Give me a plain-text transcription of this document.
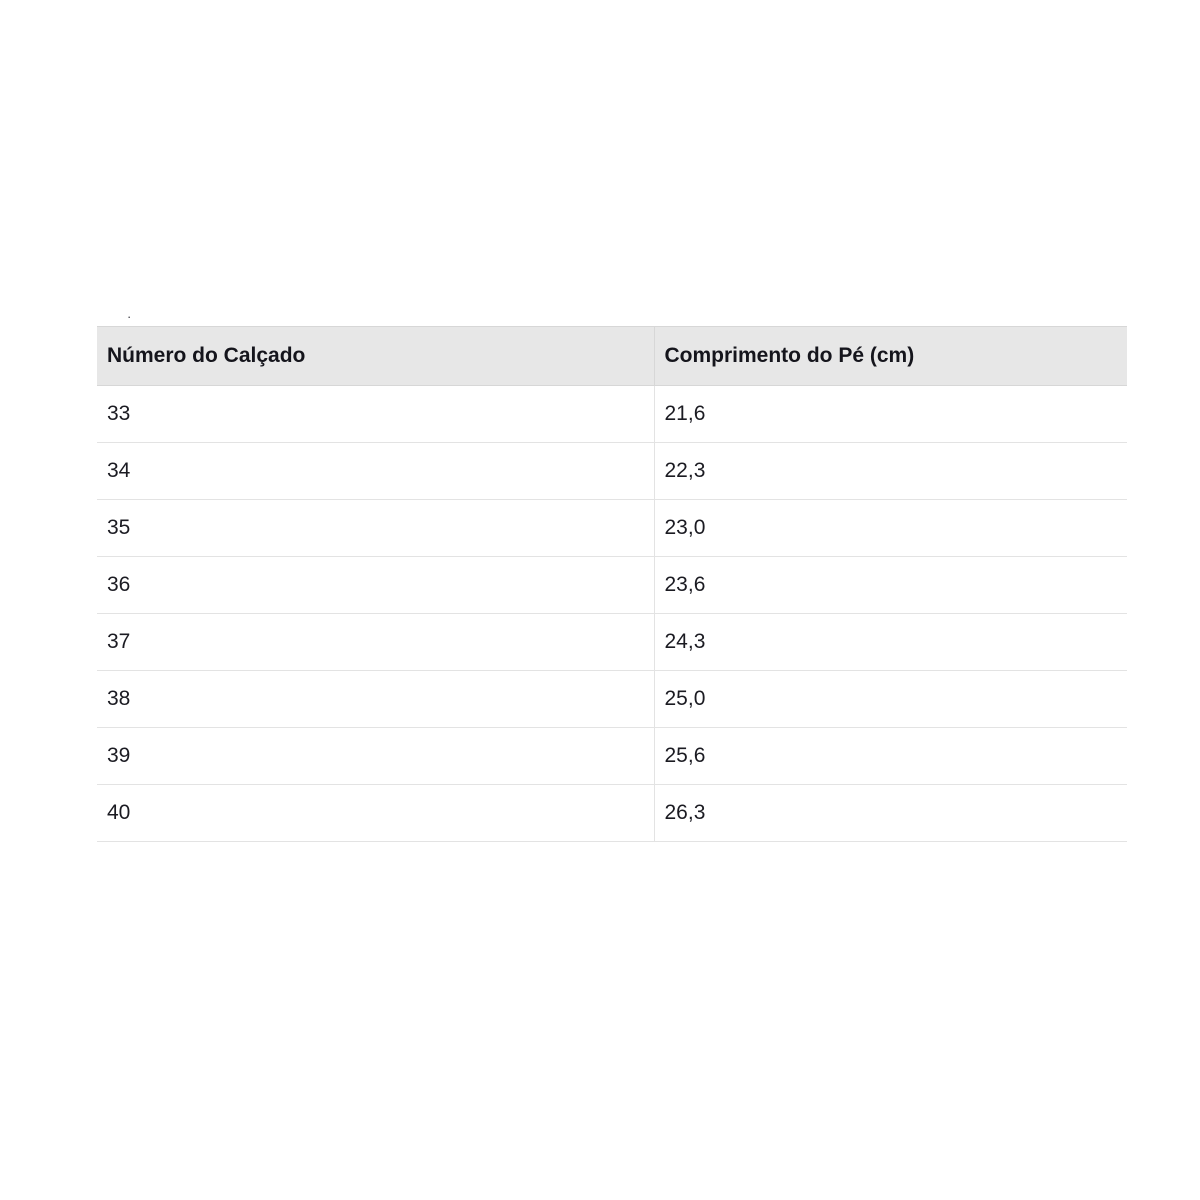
·
Número do Calçado	Comprimento do Pé (cm)
33	21,6
34	22,3
35	23,0
36	23,6
37	24,3
38	25,0
39	25,6
40	26,3
